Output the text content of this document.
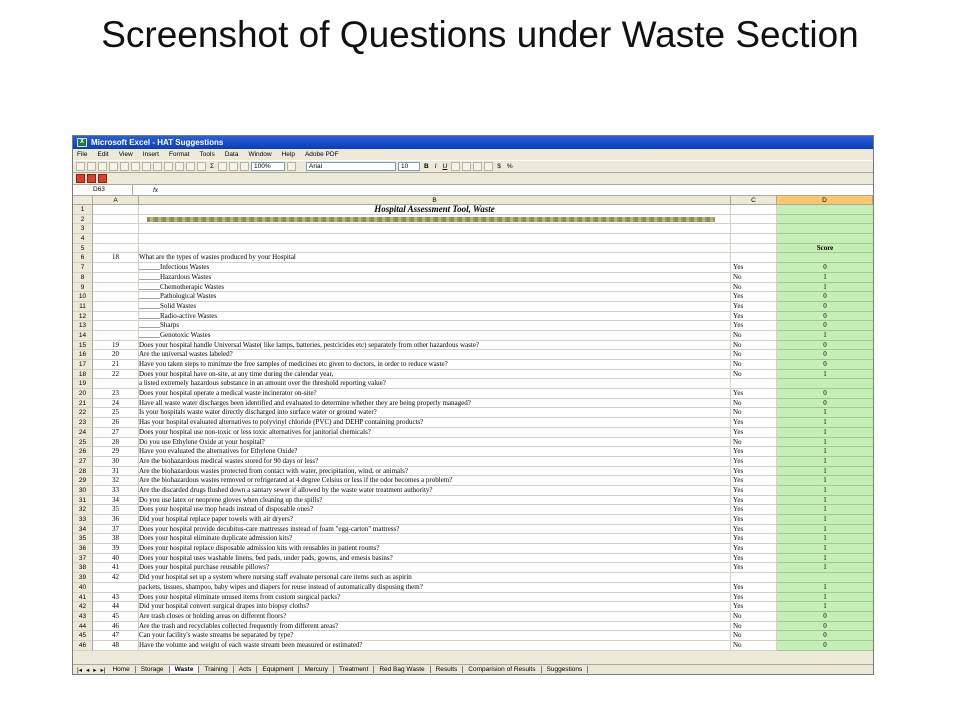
Screenshot of Questions under Waste Section
X Microsoft Excel - HAT Suggestions
File Edit View Insert Format Tools Data Window Help Adobe PDF
Σ	100%	Arial	10	B I U	$ %
D63	fx
A	B	C	D
1	Hospital Assessment Tool, Waste
2
3
4
5	Score
6	18	What are the types of wastes produced by your Hospital
7	______Infectious Wastes	Yes	0
8	______Hazardous Wastes	No	1
9	______Chemotherapic Wastes	No	1
10	______Pathological Wastes	Yes	0
11	______Solid Wastes	Yes	0
12	______Radio-active Wastes	Yes	0
13	______Sharps	Yes	0
14	______Genotoxic Wastes	No	1
15	19	Does your hospital handle Universal Waste( like lamps, batteries, pestcicides etc) separately from other hazardous waste?	No	0
16	20	Are the universal wastes labeled?	No	0
17	21	Have you taken steps to minimze the free samples of medicines etc given to doctors, in order to reduce waste?	No	0
18	22	Does your hospital have on-site, at any time during the calendar year,	No	1
19	a listed extremely hazardous substance in an amount over the threshold reporting value?
20	23	Does your hospital operate a medical waste incinerator on-site?	Yes	0
21	24	Have all waste water discharges been identified and evaluated to determine whether they are being properly managed?	No	0
22	25	Is your hospitals waste water directly discharged into surface water or ground water?	No	1
23	26	Has your hospital evaluated alternatives to polyvinyl chloride (PVC) and DEHP containing products?	Yes	1
24	27	Does your hospital use non-toxic or less toxic alternatives for janitorial chemicals?	Yes	1
25	28	Do you use Ethylene Oxide at your hospital?	No	1
26	29	Have you evaluated the alternatives for Ethylene Oxide?	Yes	1
27	30	Are the biohazardous medical wastes stored for 90 days or less?	Yes	1
28	31	Are the biohazardous wastes protected from contact with water, precipitation, wind, or animals?	Yes	1
29	32	Are the biohazardous wastes removed or refrigerated at 4 degree Celsius or less if the odor becomes a problem?	Yes	1
30	33	Are the discarded drugs flushed down a santary sewer if allowed by the waste water treatment authority?	Yes	1
31	34	Do you use latex or neoprene gloves when cleaning up the spills?	Yes	1
32	35	Does your hospital use mop heads instead of disposable ones?	Yes	1
33	36	Did your hospital replace paper towels with air dryers?	Yes	1
34	37	Does your hospital provide decubitus-care mattresses instead of foam "egg-carton" mattress?	Yes	1
35	38	Does your hospital eliminate duplicate admission kits?	Yes	1
36	39	Does your hospital replace disposable admission kits with reusables in patient rooms?	Yes	1
37	40	Does your hospital uses washable linens, bed pads, under pads, gowns, and emesis basins?	Yes	1
38	41	Does your hospital purchase reusable pillows?	Yes	1
39	42	Did your hospital set up a system where nursing staff evaluate personal care items such as aspirin
40	packets, tissues, shampoo, baby wipes and diapers for reuse instead of automatically disposing them?	Yes	1
41	43	Does your hospital eliminate unused items from custom surgical packs?	Yes	1
42	44	Did your hospital convert surgical drapes into biopsy cloths?	Yes	1
43	45	Are trash closes or holding areas on different floors?	No	0
44	46	Are the trash and recyclables collected frequently from different areas?	No	0
45	47	Can your facility's waste streams be separated by type?	No	0
46	48	Have the volume and weight of each waste stream been measured or estimated?	No	0
|◂ ◂ ▸ ▸|	Home	Storage	Waste	Training	Acts	Equipment	Mercury	Treatment	Red Bag Waste	Results	Comparision of Results	Suggestions
